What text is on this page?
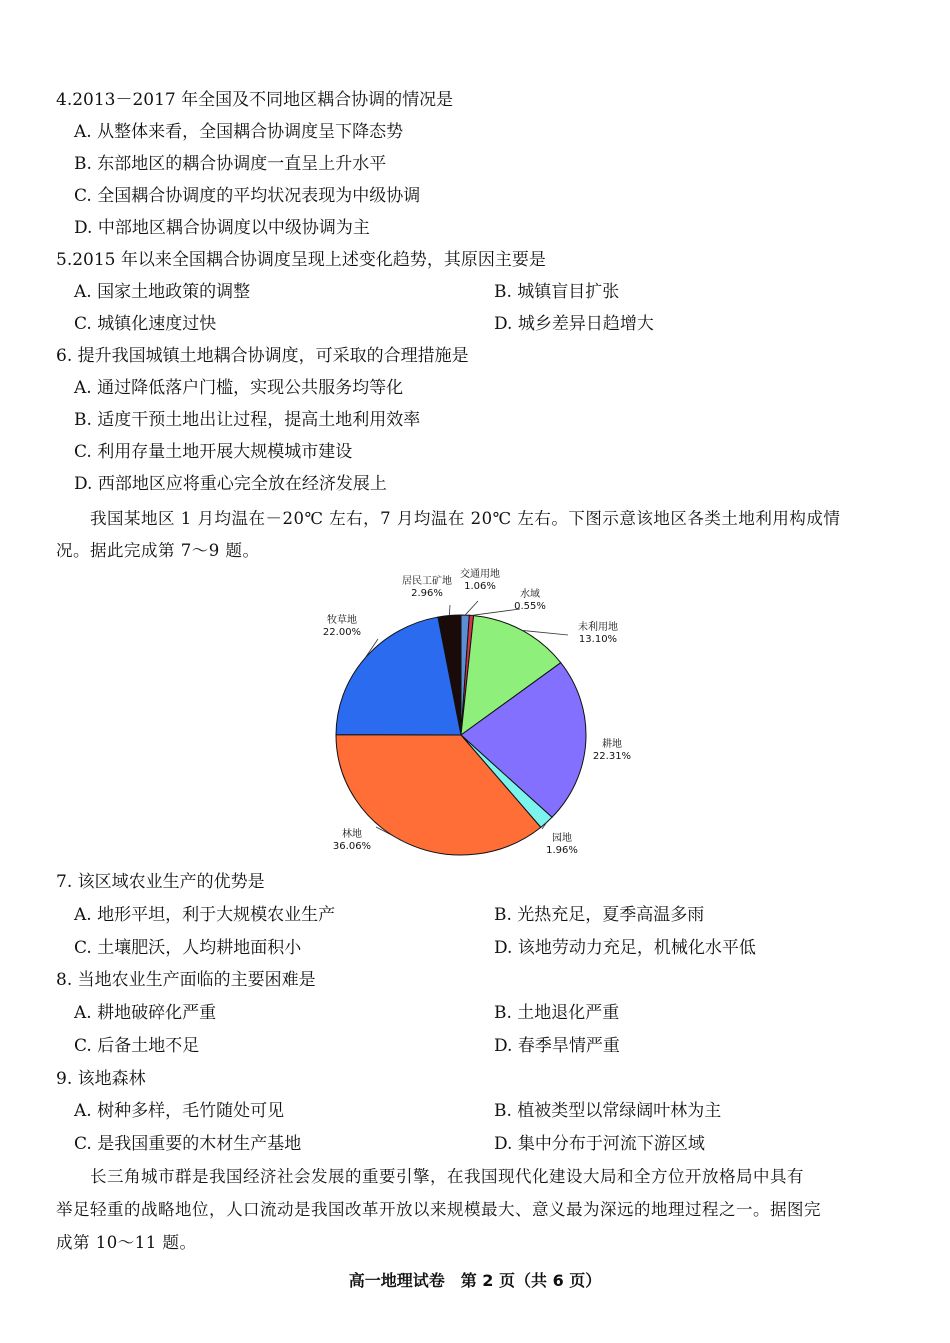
4.2013－2017 年全国及不同地区耦合协调的情况是
A. 从整体来看，全国耦合协调度呈下降态势
B. 东部地区的耦合协调度一直呈上升水平
C. 全国耦合协调度的平均状况表现为中级协调
D. 中部地区耦合协调度以中级协调为主
5.2015 年以来全国耦合协调度呈现上述变化趋势，其原因主要是
A. 国家土地政策的调整	B. 城镇盲目扩张
C. 城镇化速度过快	D. 城乡差异日趋增大
6. 提升我国城镇土地耦合协调度，可采取的合理措施是
A. 通过降低落户门槛，实现公共服务均等化
B. 适度干预土地出让过程，提高土地利用效率
C. 利用存量土地开展大规模城市建设
D. 西部地区应将重心完全放在经济发展上
我国某地区 1 月均温在－20℃ 左右，7 月均温在 20℃ 左右。下图示意该地区各类土地利用构成情
况。据此完成第 7～9 题。
居民工矿地
2.96%
交通用地
1.06%
水域
0.55%
未利用地
13.10%
耕地
22.31%
园地
1.96%
林地
36.06%
牧草地
22.00%
7. 该区域农业生产的优势是
A. 地形平坦，利于大规模农业生产	B. 光热充足，夏季高温多雨
C. 土壤肥沃，人均耕地面积小	D. 该地劳动力充足，机械化水平低
8. 当地农业生产面临的主要困难是
A. 耕地破碎化严重	B. 土地退化严重
C. 后备土地不足	D. 春季旱情严重
9. 该地森林
A. 树种多样，毛竹随处可见	B. 植被类型以常绿阔叶林为主
C. 是我国重要的木材生产基地	D. 集中分布于河流下游区域
长三角城市群是我国经济社会发展的重要引擎，在我国现代化建设大局和全方位开放格局中具有
举足轻重的战略地位，人口流动是我国改革开放以来规模最大、意义最为深远的地理过程之一。据图完
成第 10～11 题。
高一地理试卷　第 2 页（共 6 页）
